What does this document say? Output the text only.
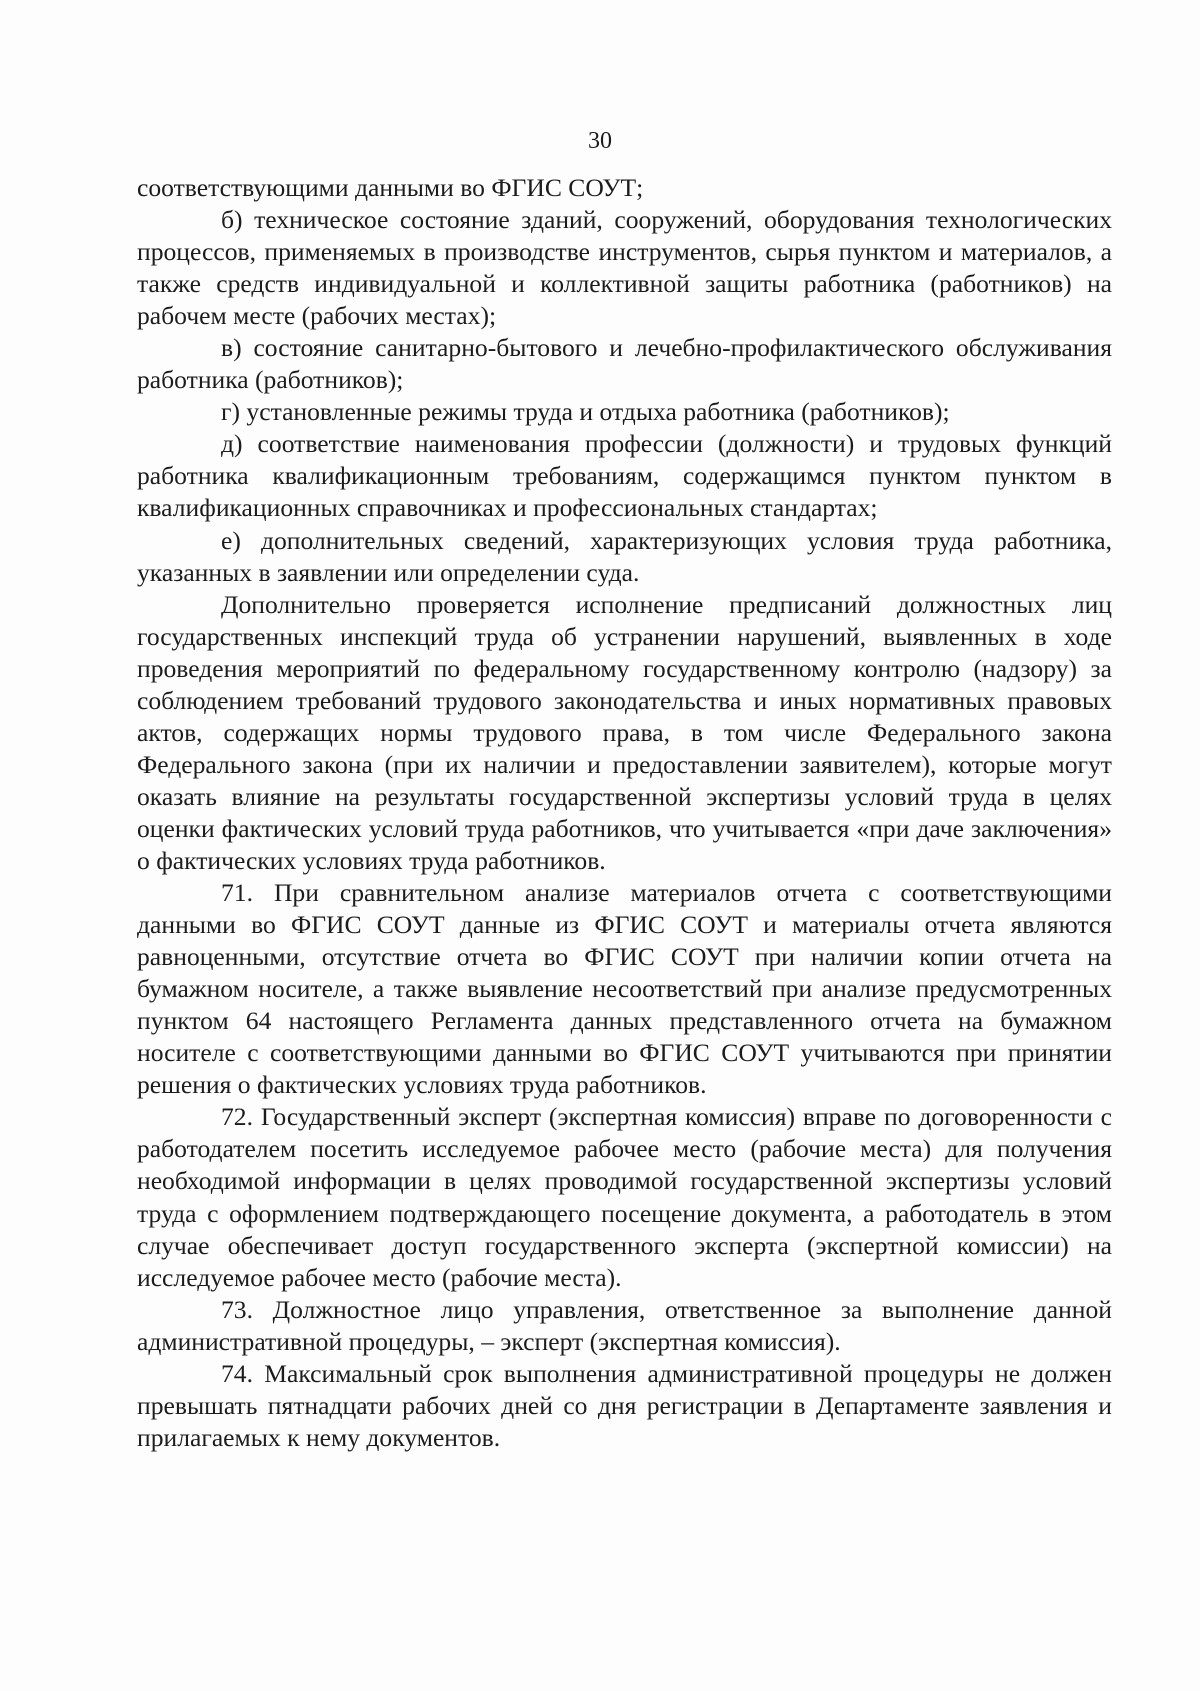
30

соответствующими данными во ФГИС СОУТ;

б) техническое состояние зданий, сооружений, оборудования технологических процессов, применяемых в производстве инструментов, сырья пунктом и материалов, а также средств индивидуальной и коллективной защиты работника (работников) на рабочем месте (рабочих местах);

в) состояние санитарно-бытового и лечебно-профилактического обслуживания работника (работников);

г) установленные режимы труда и отдыха работника (работников);

д) соответствие наименования профессии (должности) и трудовых функций работника квалификационным требованиям, содержащимся пунктом пунктом в квалификационных справочниках и профессиональных стандартах;

е) дополнительных сведений, характеризующих условия труда работника, указанных в заявлении или определении суда.

Дополнительно проверяется исполнение предписаний должностных лиц государственных инспекций труда об устранении нарушений, выявленных в ходе проведения мероприятий по федеральному государственному контролю (надзору) за соблюдением требований трудового законодательства и иных нормативных правовых актов, содержащих нормы трудового права, в том числе Федерального закона Федерального закона (при их наличии и предоставлении заявителем), которые могут оказать влияние на результаты государственной экспертизы условий труда в целях оценки фактических условий труда работников, что учитывается «при даче заключения» о фактических условиях труда работников.

71. При сравнительном анализе материалов отчета с соответствующими данными во ФГИС СОУТ данные из ФГИС СОУТ и материалы отчета являются равноценными, отсутствие отчета во ФГИС СОУТ при наличии копии отчета на бумажном носителе, а также выявление несоответствий при анализе предусмотренных пунктом 64 настоящего Регламента данных представленного отчета на бумажном носителе с соответствующими данными во ФГИС СОУТ учитываются при принятии решения о фактических условиях труда работников.

72. Государственный эксперт (экспертная комиссия) вправе по договоренности с работодателем посетить исследуемое рабочее место (рабочие места) для получения необходимой информации в целях проводимой государственной экспертизы условий труда с оформлением подтверждающего посещение документа, а работодатель в этом случае обеспечивает доступ государственного эксперта (экспертной комиссии) на исследуемое рабочее место (рабочие места).

73. Должностное лицо управления, ответственное за выполнение данной административной процедуры, – эксперт (экспертная комиссия).

74. Максимальный срок выполнения административной процедуры не должен превышать пятнадцати рабочих дней со дня регистрации в Департаменте заявления и прилагаемых к нему документов.
